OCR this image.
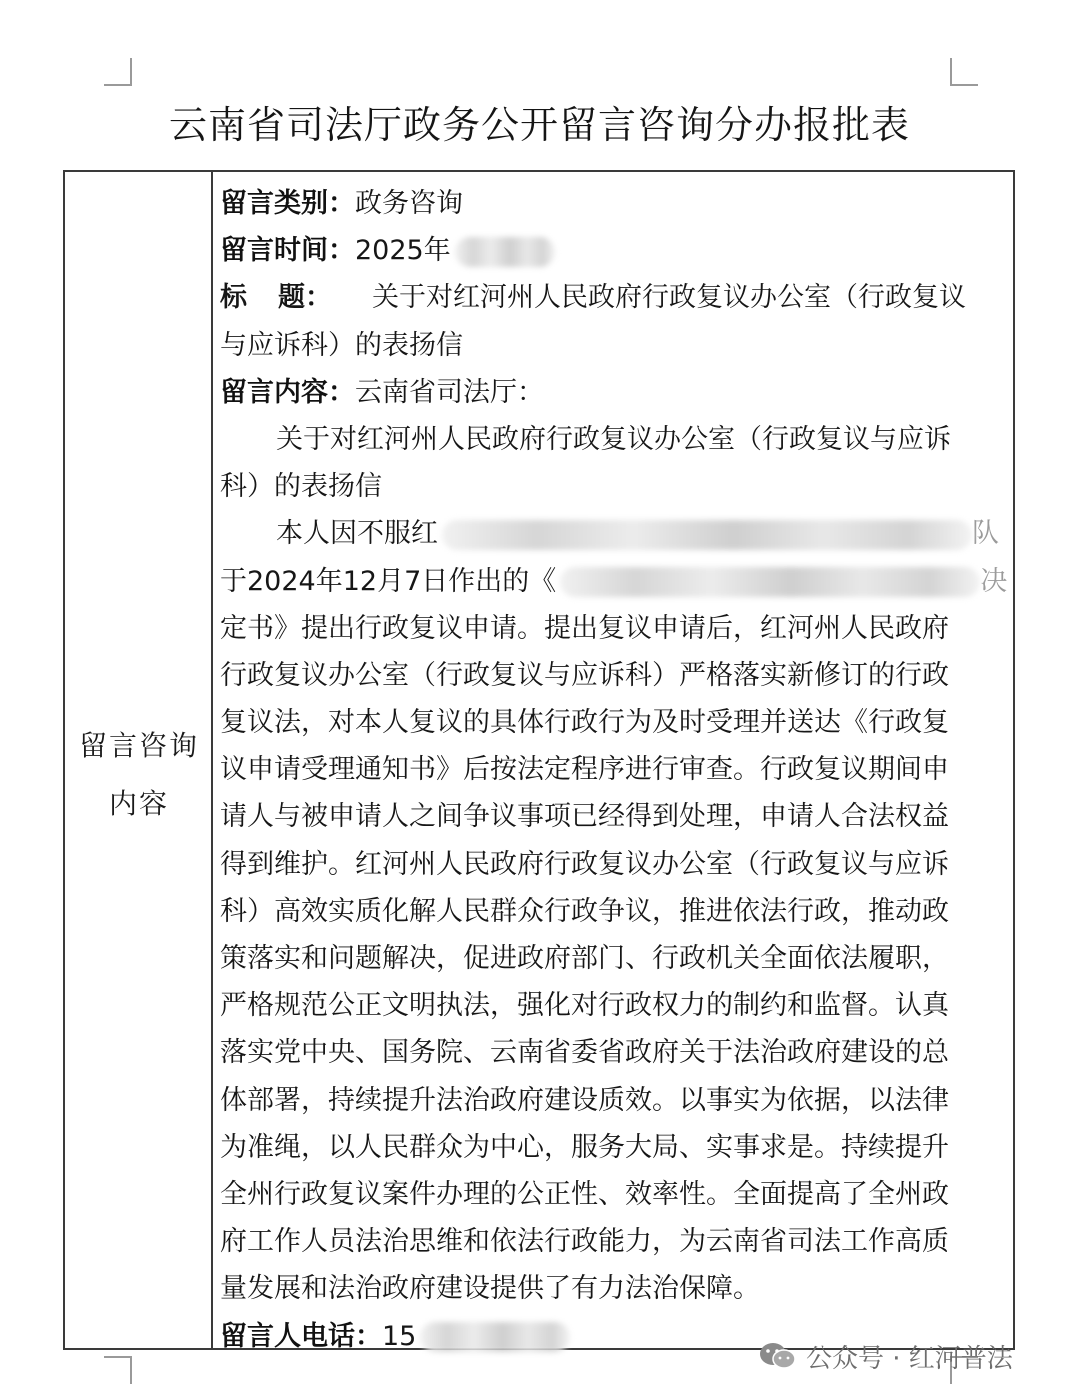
云南省司法厅政务公开留言咨询分办报批表
留言咨询
内容
留言类别：政务咨询
留言时间：2025年
标 题： 关于对红河州人民政府行政复议办公室（行政复议
与应诉科）的表扬信
留言内容：云南省司法厅：
关于对红河州人民政府行政复议办公室（行政复议与应诉
科）的表扬信
本人因不服红	队
于2024年12月7日作出的《	决
定书》提出行政复议申请。提出复议申请后，红河州人民政府
行政复议办公室（行政复议与应诉科）严格落实新修订的行政
复议法，对本人复议的具体行政行为及时受理并送达《行政复
议申请受理通知书》后按法定程序进行审查。行政复议期间申
请人与被申请人之间争议事项已经得到处理，申请人合法权益
得到维护。红河州人民政府行政复议办公室（行政复议与应诉
科）高效实质化解人民群众行政争议，推进依法行政，推动政
策落实和问题解决，促进政府部门、行政机关全面依法履职，
严格规范公正文明执法，强化对行政权力的制约和监督。认真
落实党中央、国务院、云南省委省政府关于法治政府建设的总
体部署，持续提升法治政府建设质效。以事实为依据，以法律
为准绳，以人民群众为中心，服务大局、实事求是。持续提升
全州行政复议案件办理的公正性、效率性。全面提高了全州政
府工作人员法治思维和依法行政能力，为云南省司法工作高质
量发展和法治政府建设提供了有力法治保障。
留言人电话：15
公众号 · 红河普法
